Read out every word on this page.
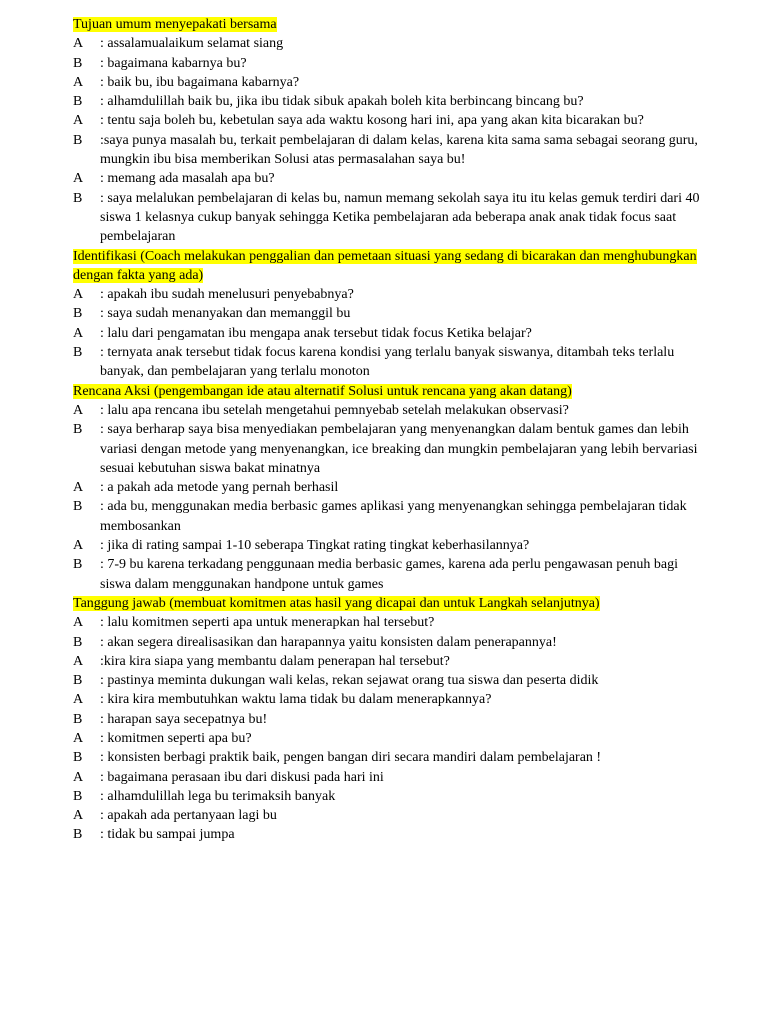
Tujuan umum menyepakati bersama
A	: assalamualaikum selamat siang
B	: bagaimana kabarnya bu?
A	: baik bu, ibu bagaimana kabarnya?
B	: alhamdulillah baik bu, jika ibu tidak sibuk apakah boleh kita berbincang bincang bu?
A	: tentu saja boleh bu, kebetulan saya ada waktu kosong hari ini, apa yang akan kita bicarakan bu?
B	:saya punya masalah bu, terkait pembelajaran di dalam kelas, karena kita sama sama sebagai seorang guru, mungkin ibu bisa memberikan Solusi atas permasalahan saya bu!
A	: memang ada masalah apa bu?
B	: saya melalukan pembelajaran di kelas bu, namun memang sekolah saya itu itu kelas gemuk terdiri dari 40 siswa 1 kelasnya cukup banyak sehingga Ketika pembelajaran ada beberapa anak anak tidak focus saat pembelajaran
Identifikasi (Coach melakukan penggalian dan pemetaan situasi yang sedang di bicarakan dan menghubungkan dengan fakta yang ada)
A	: apakah ibu sudah menelusuri penyebabnya?
B	: saya sudah menanyakan dan memanggil bu
A	: lalu dari pengamatan ibu mengapa anak tersebut tidak focus Ketika belajar?
B	: ternyata anak tersebut tidak focus karena kondisi yang terlalu banyak siswanya, ditambah teks terlalu banyak, dan pembelajaran yang terlalu monoton
Rencana Aksi (pengembangan ide atau alternatif Solusi untuk rencana yang akan datang)
A	: lalu apa rencana ibu setelah mengetahui pemnyebab setelah melakukan observasi?
B	: saya berharap saya bisa menyediakan pembelajaran yang menyenangkan dalam bentuk games dan lebih variasi dengan metode yang menyenangkan, ice breaking dan mungkin pembelajaran yang lebih bervariasi sesuai kebutuhan siswa bakat minatnya
A	: a pakah ada metode yang pernah berhasil
B	: ada bu, menggunakan media berbasic games aplikasi yang menyenangkan sehingga pembelajaran tidak membosankan
A	: jika di rating sampai 1-10 seberapa Tingkat rating tingkat keberhasilannya?
B	: 7-9 bu karena terkadang penggunaan media berbasic games, karena ada perlu pengawasan penuh bagi siswa dalam menggunakan handpone untuk games
Tanggung jawab (membuat komitmen atas hasil yang dicapai dan untuk Langkah selanjutnya)
A	: lalu komitmen seperti apa untuk menerapkan hal tersebut?
B	: akan segera direalisasikan dan harapannya yaitu konsisten dalam penerapannya!
A	:kira kira siapa yang membantu dalam penerapan hal tersebut?
B	: pastinya meminta dukungan wali kelas, rekan sejawat orang tua siswa dan peserta didik
A	: kira kira membutuhkan waktu lama tidak bu dalam menerapkannya?
B	: harapan saya secepatnya bu!
A	: komitmen seperti apa bu?
B	: konsisten berbagi praktik baik, pengen bangan diri secara mandiri dalam pembelajaran !
A	: bagaimana perasaan ibu dari diskusi pada hari ini
B	: alhamdulillah lega bu terimaksih banyak
A	: apakah ada pertanyaan lagi bu
B	: tidak bu sampai jumpa
